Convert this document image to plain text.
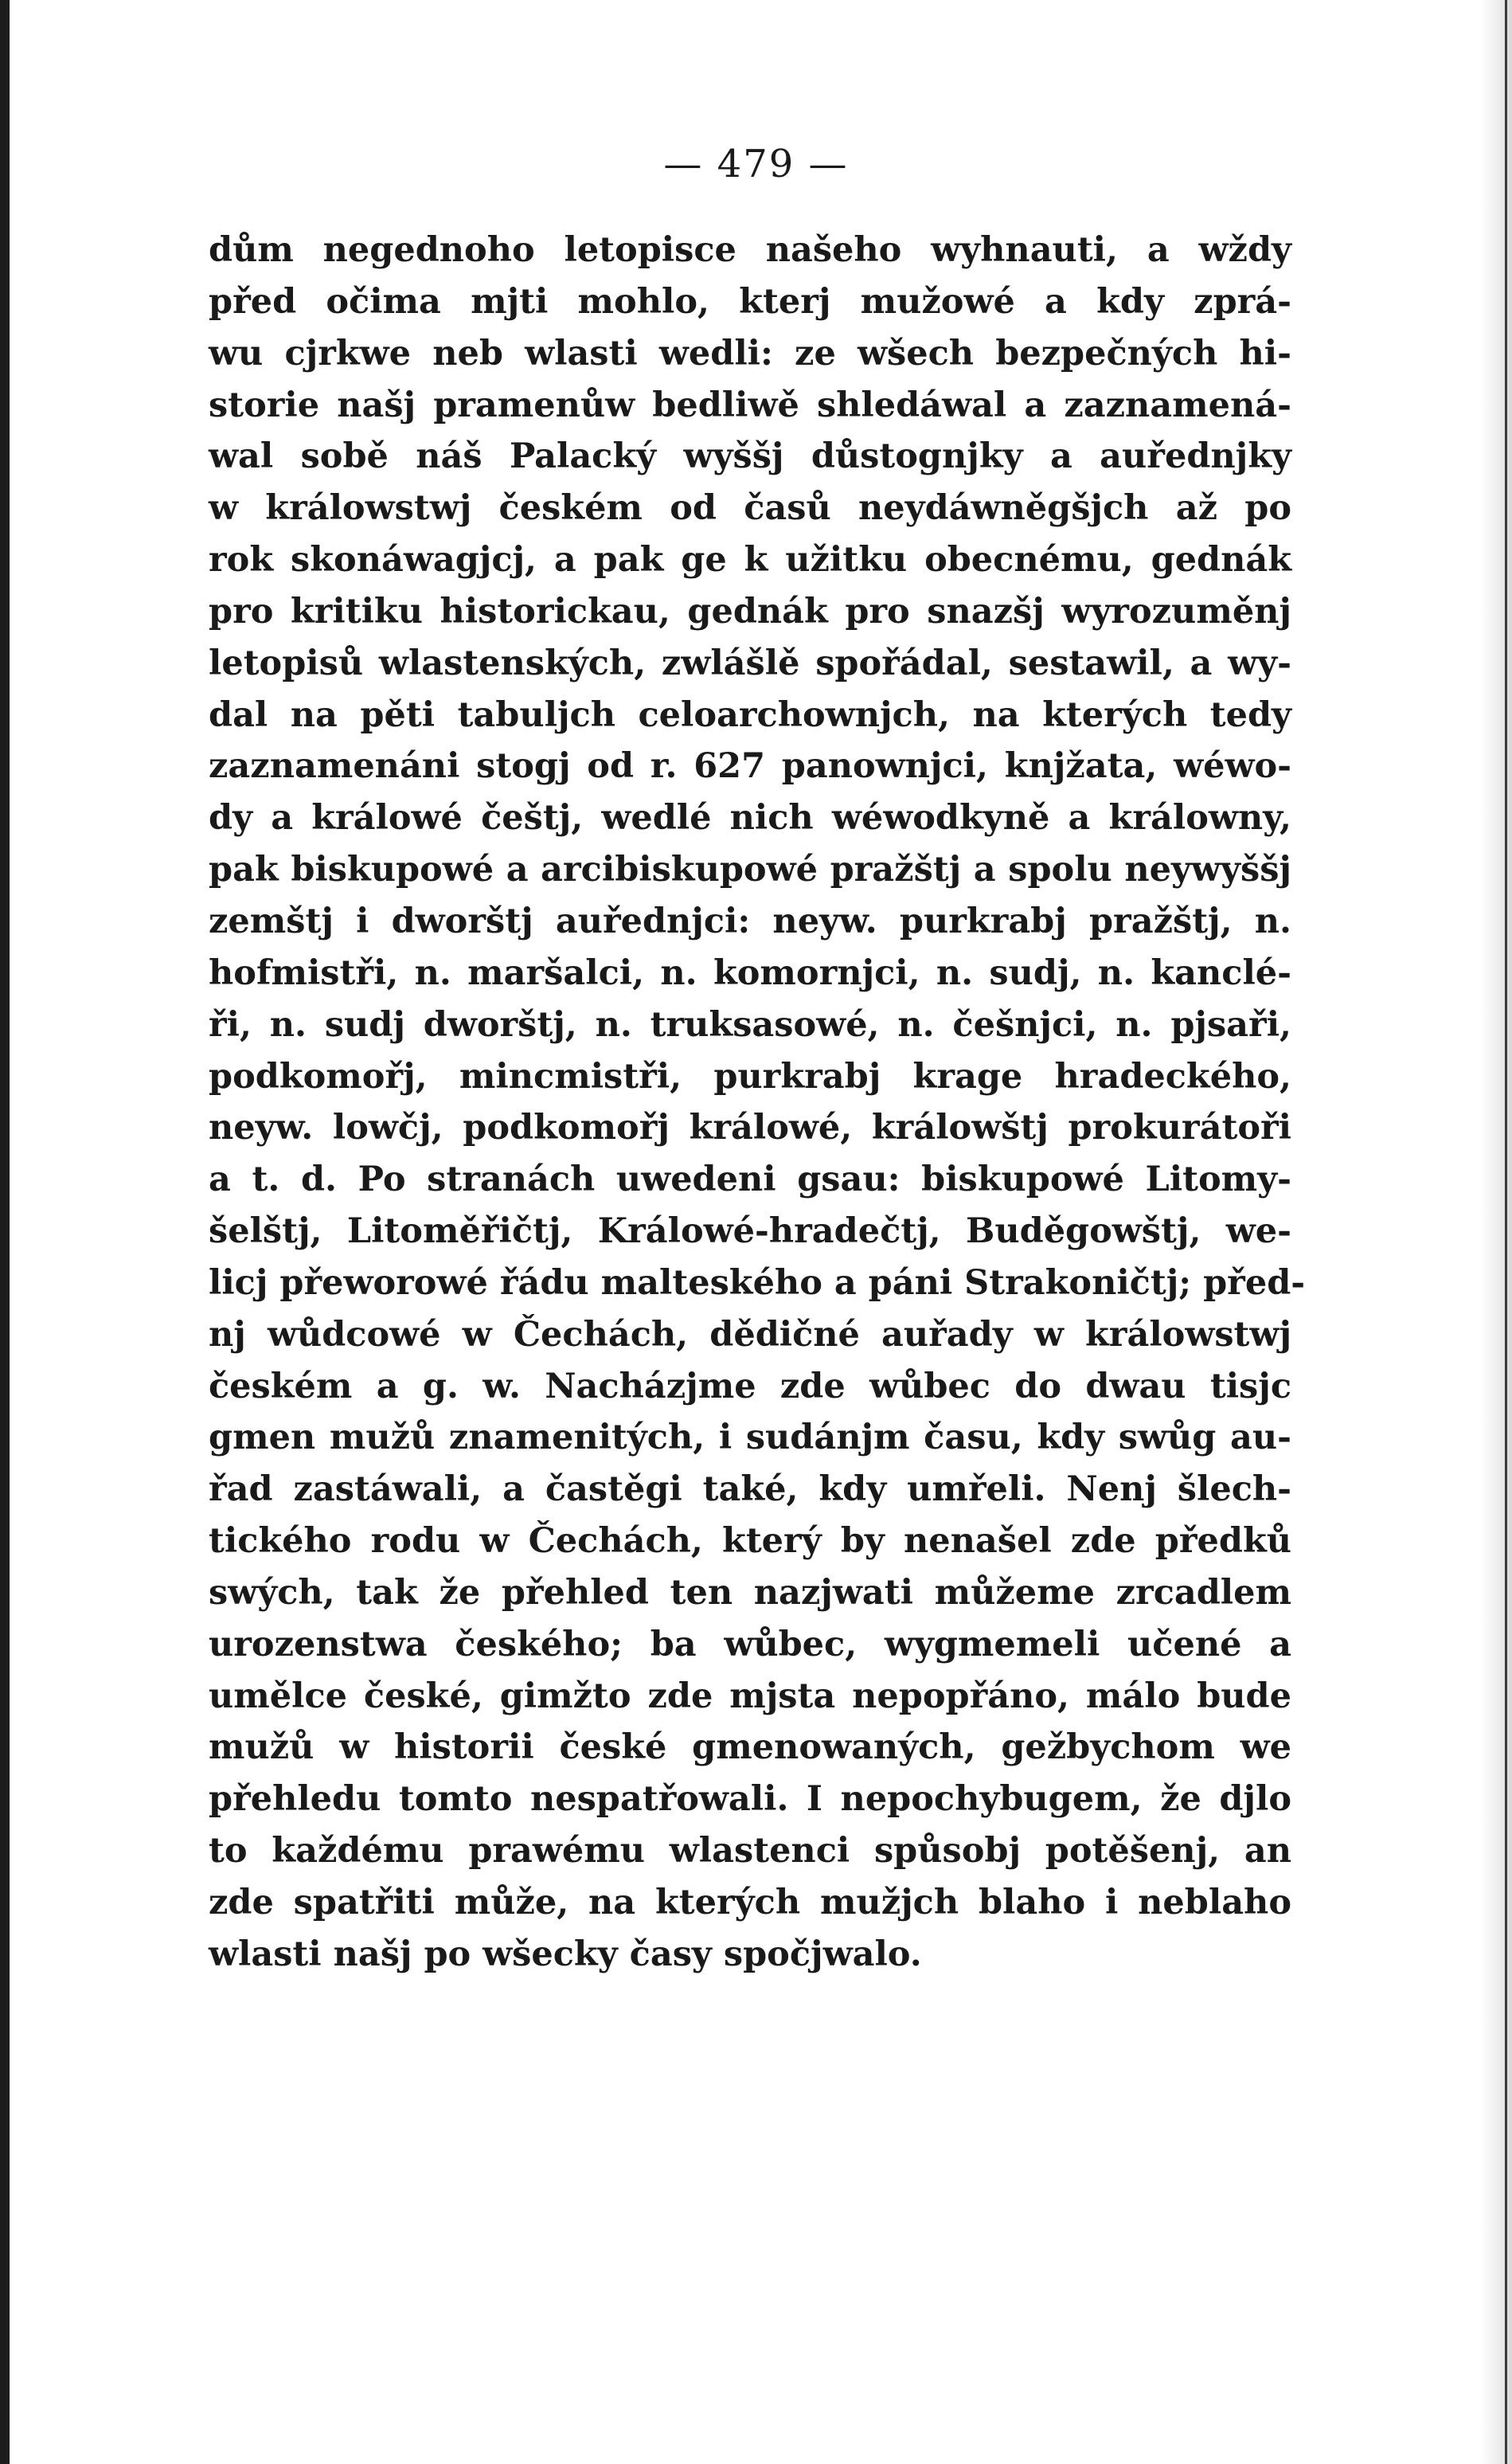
— 479 —
dům negednoho letopisce našeho wyhnauti, a wždy
před očima mjti mohlo, kterj mužowé a kdy zprá-
wu cjrkwe neb wlasti wedli: ze wšech bezpečných hi-
storie našj pramenůw bedliwě shledáwal a zaznamená-
wal sobě náš Palacký wyššj důstognjky a auřednjky
w králowstwj českém od časů neydáwněgšjch až po
rok skonáwagjcj, a pak ge k užitku obecnému, gednák
pro kritiku historickau, gednák pro snazšj wyrozuměnj
letopisů wlastenských, zwlášlě spořádal, sestawil, a wy-
dal na pěti tabuljch celoarchownjch, na kterých tedy
zaznamenáni stogj od r. 627 panownjci, knjžata, wéwo-
dy a králowé češtj, wedlé nich wéwodkyně a králowny,
pak biskupowé a arcibiskupowé pražštj a spolu neywyššj
zemštj i dworštj auřednjci: neyw. purkrabj pražštj, n.
hofmistři, n. maršalci, n. komornjci, n. sudj, n. kanclé-
ři, n. sudj dworštj, n. truksasowé, n. češnjci, n. pjsaři,
podkomořj, mincmistři, purkrabj krage hradeckého,
neyw. lowčj, podkomořj králowé, králowštj prokurátoři
a t. d. Po stranách uwedeni gsau: biskupowé Litomy-
šelštj, Litoměřičtj, Králowé-hradečtj, Buděgowštj, we-
licj přeworowé řádu malteského a páni Strakoničtj; před-
nj wůdcowé w Čechách, dědičné auřady w králowstwj
českém a g. w. Nacházjme zde wůbec do dwau tisjc
gmen mužů znamenitých, i sudánjm času, kdy swůg au-
řad zastáwali, a častěgi také, kdy umřeli. Nenj šlech-
tického rodu w Čechách, který by nenašel zde předků
swých, tak že přehled ten nazjwati můžeme zrcadlem
urozenstwa českého; ba wůbec, wygmemeli učené a
umělce české, gimžto zde mjsta nepopřáno, málo bude
mužů w historii české gmenowaných, gežbychom we
přehledu tomto nespatřowali. I nepochybugem, že djlo
to každému prawému wlastenci spůsobj potěšenj, an
zde spatřiti může, na kterých mužjch blaho i neblaho
wlasti našj po wšecky časy spočjwalo.
